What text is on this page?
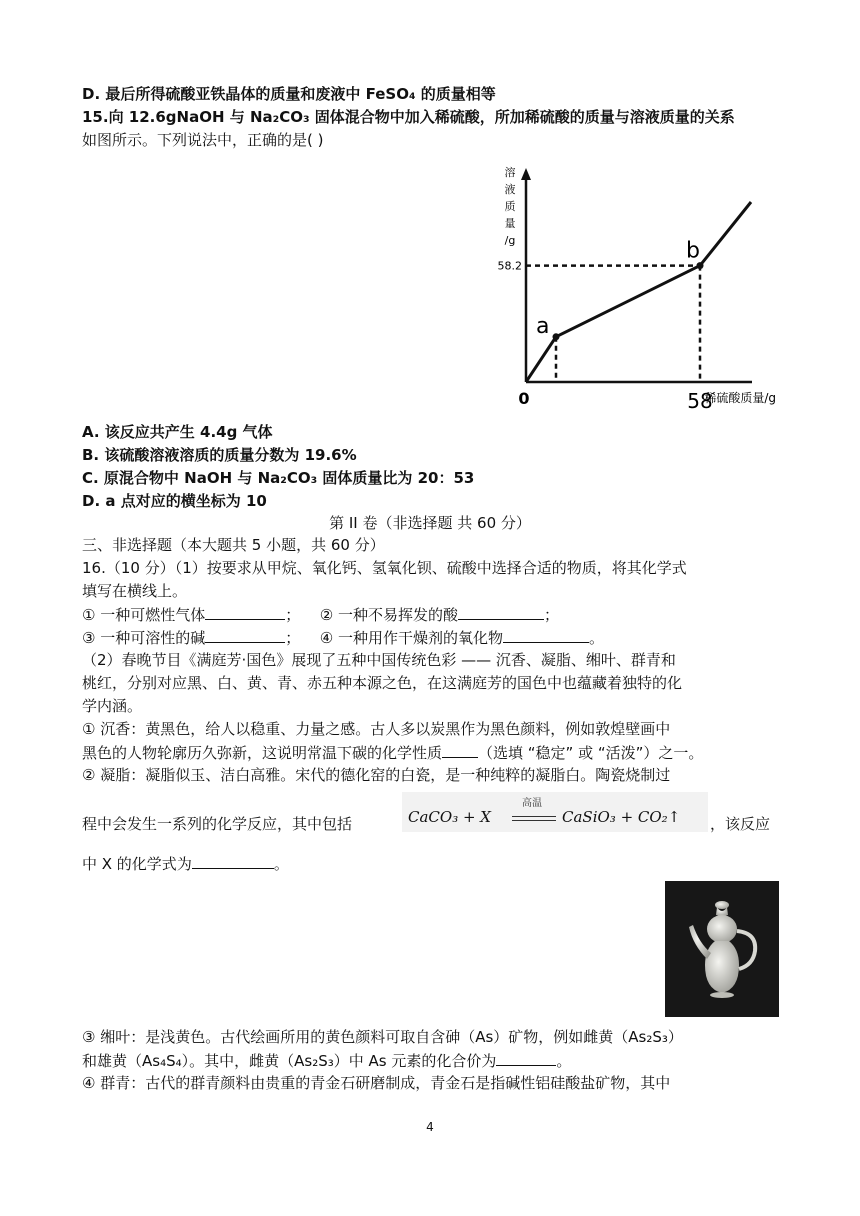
D. 最后所得硫酸亚铁晶体的质量和废液中 FeSO₄ 的质量相等
15.向 12.6gNaOH 与 Na₂CO₃ 固体混合物中加入稀硫酸，所加稀硫酸的质量与溶液质量的关系
如图所示。下列说法中，正确的是( )
溶液质量/g
0
a
b
58.2
58
稀硫酸质量/g
A. 该反应共产生 4.4g 气体
B. 该硫酸溶液溶质的质量分数为 19.6%
C. 原混合物中 NaOH 与 Na₂CO₃ 固体质量比为 20：53
D. a 点对应的横坐标为 10
第 II 卷（非选择题 共 60 分）
三、非选择题（本大题共 5 小题，共 60 分）
16.（10 分）（1）按要求从甲烷、氧化钙、氢氧化钡、硫酸中选择合适的物质，将其化学式
填写在横线上。
① 一种可燃性气体	； ② 一种不易挥发的酸	；
③ 一种可溶性的碱	； ④ 一种用作干燥剂的氧化物	。
（2）春晚节目《满庭芳·国色》展现了五种中国传统色彩 —— 沉香、凝脂、缃叶、群青和
桃红，分别对应黑、白、黄、青、赤五种本源之色，在这满庭芳的国色中也蕴藏着独特的化
学内涵。
① 沉香：黄黑色，给人以稳重、力量之感。古人多以炭黑作为黑色颜料，例如敦煌壁画中
黑色的人物轮廓历久弥新，这说明常温下碳的化学性质 （选填 “稳定” 或 “活泼”）之一。
② 凝脂：凝脂似玉、洁白高雅。宋代的德化窑的白瓷，是一种纯粹的凝脂白。陶瓷烧制过
程中会发生一系列的化学反应，其中包括	CaCO₃ + X
高温
CaSiO₃ + CO₂↑ ，该反应
中 X 的化学式为	。
③ 缃叶：是浅黄色。古代绘画所用的黄色颜料可取自含砷（As）矿物，例如雌黄（As₂S₃）
和雄黄（As₄S₄）。其中，雌黄（As₂S₃）中 As 元素的化合价为	。
④ 群青：古代的群青颜料由贵重的青金石研磨制成，青金石是指碱性铝硅酸盐矿物，其中
4
